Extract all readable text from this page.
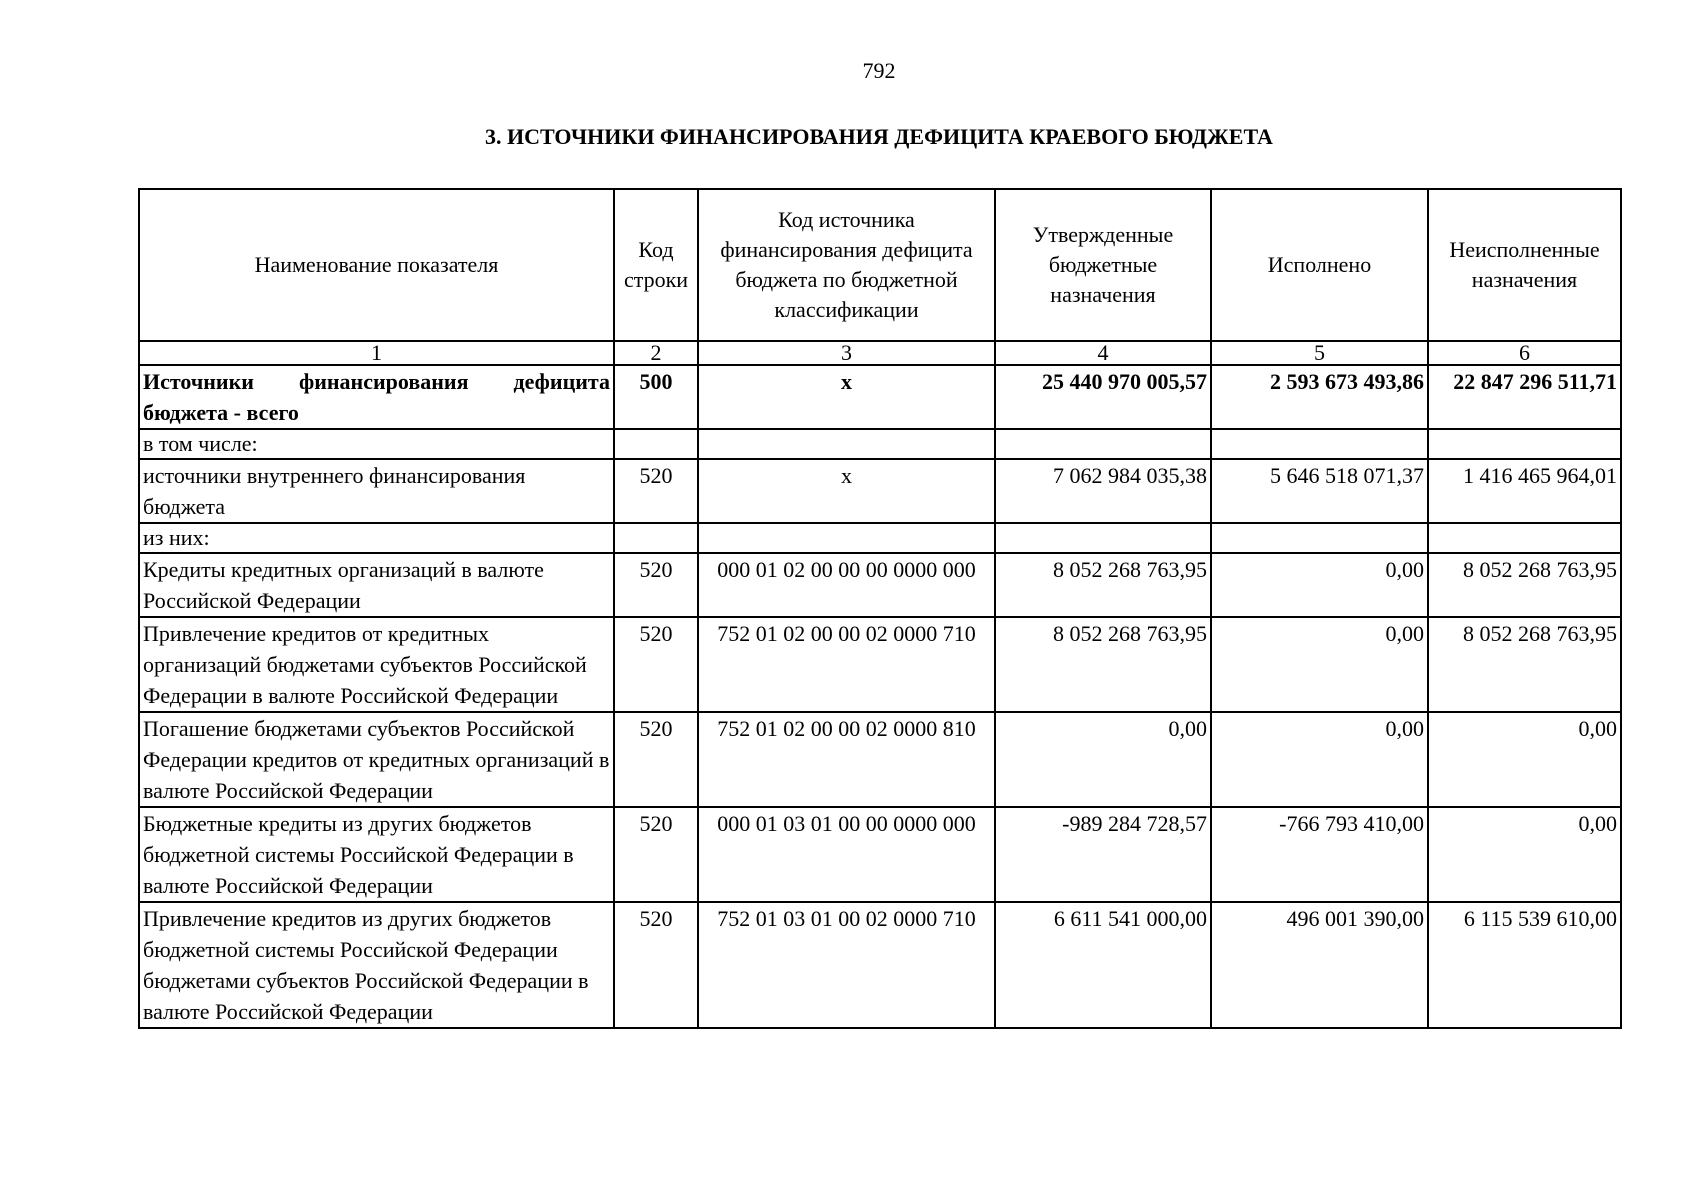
792
3. ИСТОЧНИКИ ФИНАНСИРОВАНИЯ ДЕФИЦИТА КРАЕВОГО БЮДЖЕТА
Наименование показателя	Код строки	Код источника финансирования дефицита бюджета по бюджетной классификации	Утвержденные бюджетные назначения	Исполнено	Неисполненные назначения
1	2	3	4	5	6
Источники финансирования дефицита бюджета - всего	500	x	25 440 970 005,57	2 593 673 493,86	22 847 296 511,71
в том числе:					
источники внутреннего финансирования бюджета	520	x	7 062 984 035,38	5 646 518 071,37	1 416 465 964,01
из них:					
Кредиты кредитных организаций в валюте Российской Федерации	520	000 01 02 00 00 00 0000 000	8 052 268 763,95	0,00	8 052 268 763,95
Привлечение кредитов от кредитных организаций бюджетами субъектов Российской Федерации в валюте Российской Федерации	520	752 01 02 00 00 02 0000 710	8 052 268 763,95	0,00	8 052 268 763,95
Погашение бюджетами субъектов Российской Федерации кредитов от кредитных организаций в валюте Российской Федерации	520	752 01 02 00 00 02 0000 810	0,00	0,00	0,00
Бюджетные кредиты из других бюджетов бюджетной системы Российской Федерации в валюте Российской Федерации	520	000 01 03 01 00 00 0000 000	-989 284 728,57	-766 793 410,00	0,00
Привлечение кредитов из других бюджетов бюджетной системы Российской Федерации бюджетами субъектов Российской Федерации в валюте Российской Федерации	520	752 01 03 01 00 02 0000 710	6 611 541 000,00	496 001 390,00	6 115 539 610,00
